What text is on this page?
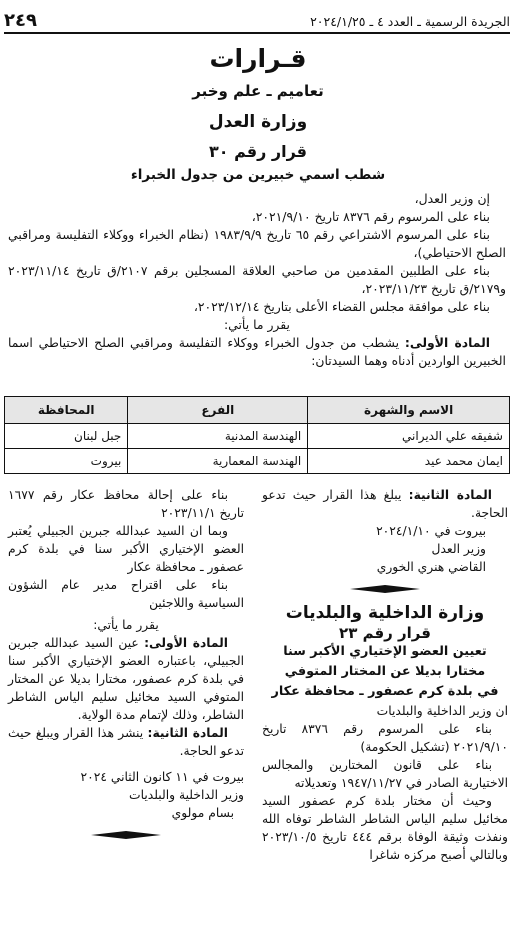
الجريدة الرسمية ـ العدد ٤ ـ ٢٠٢٤/١/٢٥
٢٤٩
قـرارات
تعاميم ـ علم وخبر
وزارة العدل
قرار رقم ٣٠
شطب اسمي خبيرين من جدول الخبراء

إن وزير العدل،

بناء على المرسوم رقم ٨٣٧٦ تاريخ ٢٠٢١/٩/١٠،

بناء على المرسوم الاشتراعي رقم ٦٥ تاريخ ١٩٨٣/٩/٩ (نظام الخبراء ووكلاء التفليسة ومراقبي الصلح الاحتياطي)،

بناء على الطلبين المقدمين من صاحبي العلاقة المسجلين برقم ٢١٠٧/ق تاريخ ٢٠٢٣/١١/١٤ و٢١٧٩/ق تاريخ ٢٠٢٣/١١/٢٣،

بناء على موافقة مجلس القضاء الأعلى بتاريخ ٢٠٢٣/١٢/١٤،

يقرر ما يأتي:

المادة الأولى: يشطب من جدول الخبراء ووكلاء التفليسة ومراقبي الصلح الاحتياطي اسما الخبيرين الواردين أدناه وهما السيدتان:

الاسم والشهرة	الفرع	المحافظة
شفيقه علي الديراني	الهندسة المدنية	جبل لبنان
ايمان محمد عيد	الهندسة المعمارية	بيروت

المادة الثانية: يبلغ هذا القرار حيث تدعو الحاجة.

بيروت في ٢٠٢٤/١/١٠

وزير العدل

القاضي هنري الخوري

وزارة الداخلية والبلديات
قرار رقم ٢٣
تعيين العضو الإختياري الأكبر سنا
مختارا بديلا عن المختار المتوفي
في بلدة كرم عصفور ـ محافظة عكار

ان وزير الداخلية والبلديات

بناء على المرسوم رقم ٨٣٧٦ تاريخ ٢٠٢١/٩/١٠ (تشكيل الحكومة)

بناء على قانون المختارين والمجالس الاختيارية الصادر في ١٩٤٧/١١/٢٧ وتعديلاته

وحيث أن مختار بلدة كرم عصفور السيد مخائيل سليم الياس الشاطر الشاطر توفاه الله ونفذت وثيقة الوفاة برقم ٤٤٤ تاريخ ٢٠٢٣/١٠/٥ وبالتالي أصبح مركزه شاغرا

بناء على إحالة محافظ عكار رقم ١٦٧٧ تاريخ ٢٠٢٣/١١/١

وبما ان السيد عبدالله جبرين الجبيلي يُعتبر العضو الإختياري الأكبر سنا في بلدة كرم عصفور ـ محافظة عكار

بناء على اقتراح مدير عام الشؤون السياسية واللاجئين

يقرر ما يأتي:

المادة الأولى: عين السيد عبدالله جبرين الجبيلي، باعتباره العضو الإختياري الأكبر سنا في بلدة كرم عصفور، مختارا بديلا عن المختار المتوفي السيد مخائيل سليم الياس الشاطر الشاطر، وذلك لإتمام مدة الولاية.

المادة الثانية: ينشر هذا القرار ويبلغ حيث تدعو الحاجة.

بيروت في ١١ كانون الثاني ٢٠٢٤

وزير الداخلية والبلديات

بسام مولوي
